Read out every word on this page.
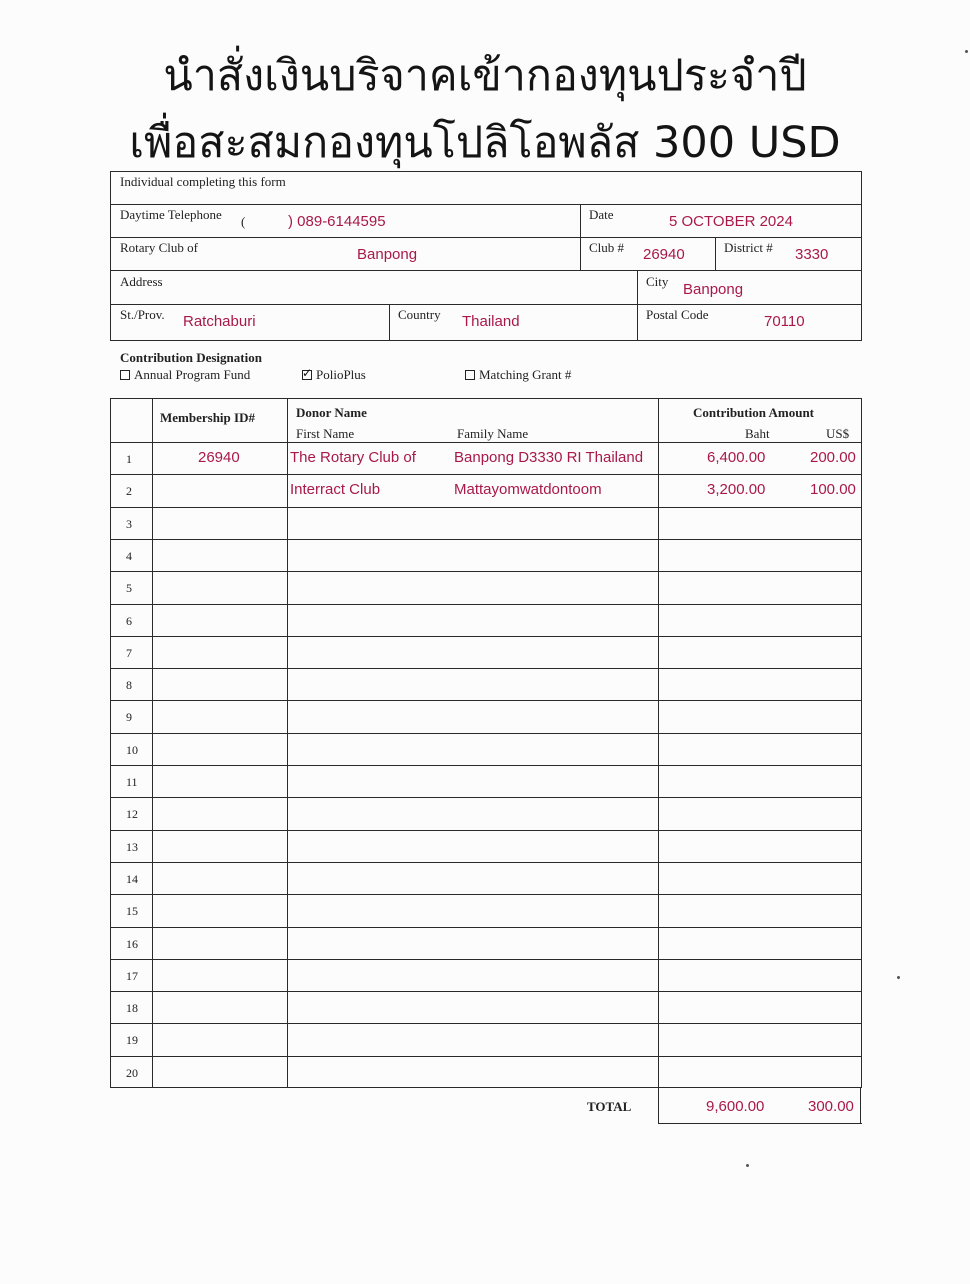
นำสั่งเงินบริจาคเข้ากองทุนประจำปี
เพื่อสะสมกองทุนโปลิโอพลัส 300 USD
Individual completing this form
Daytime Telephone (	) 089-6144595	Date	5 OCTOBER 2024
Rotary Club of	Banpong	Club # 26940	District # 3330
Address	City Banpong
St./Prov. Ratchaburi	Country Thailand	Postal Code	70110
Contribution Designation
Annual Program Fund
✓	PolioPlus	Matching Grant #
Membership ID#	Donor Name
First Name	Family Name
Contribution Amount
Baht	US$
1	26940	The Rotary Club of	Banpong D3330 RI Thailand	6,400.00	200.00
2	Interract Club	Mattayomwatdontoom	3,200.00	100.00
3
4
5
6
7
8
9
10
11
12
13
14
15
16
17
18
19
20
TOTAL	9,600.00	300.00
